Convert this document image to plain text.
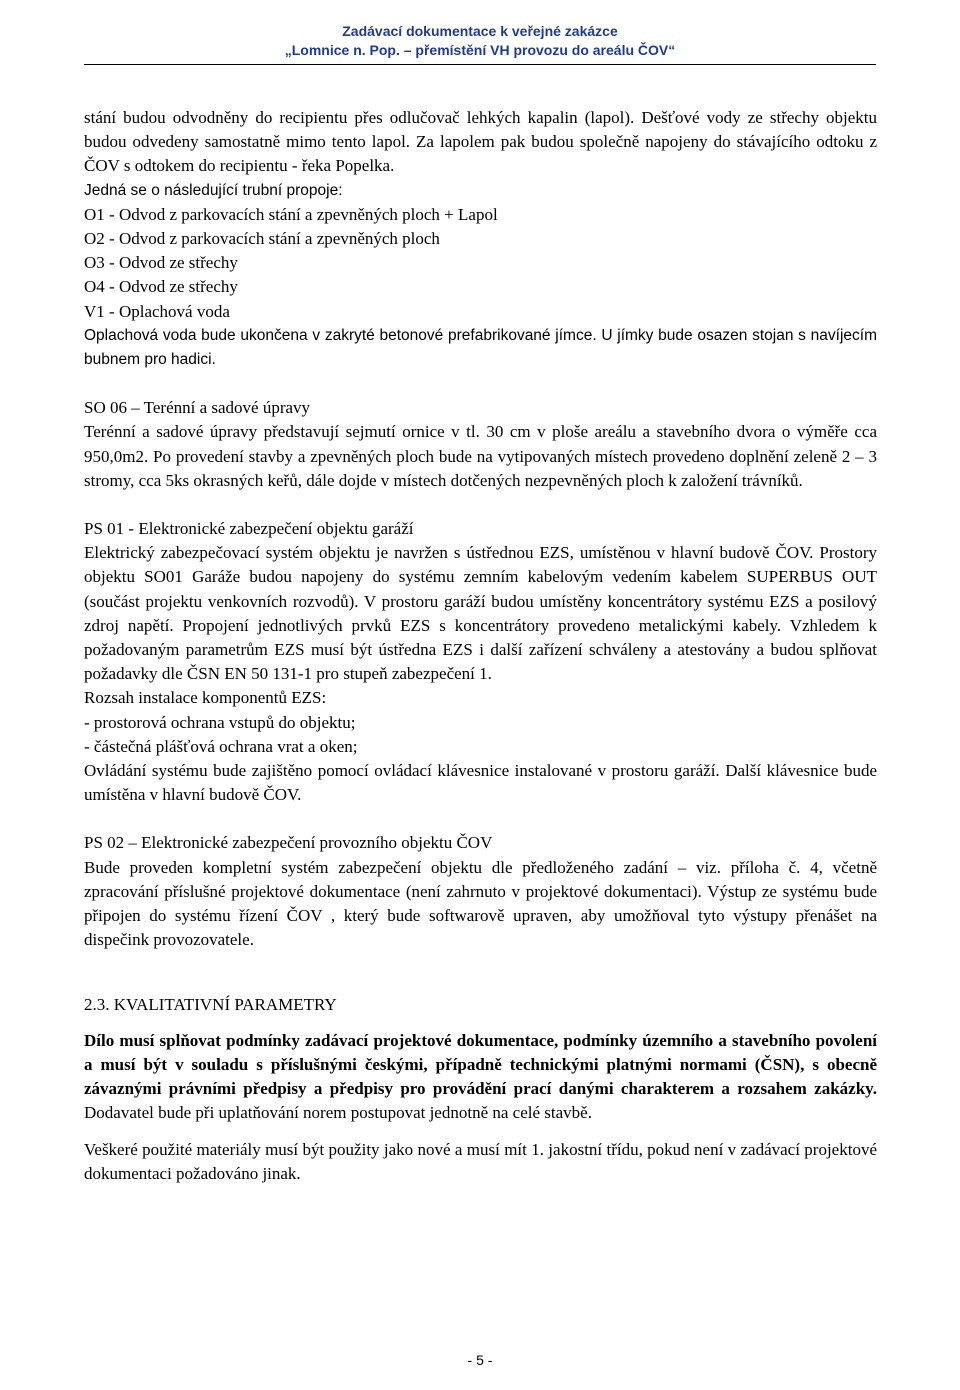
Zadávací dokumentace k veřejné zakázce
„Lomnice n. Pop. – přemístění VH provozu do areálu ČOV“

stání budou odvodněny do recipientu přes odlučovač lehkých kapalin (lapol). Dešťové vody ze střechy objektu budou odvedeny samostatně mimo tento lapol. Za lapolem pak budou společně napojeny do stávajícího odtoku z ČOV s odtokem do recipientu - řeka Popelka.

Jedná se o následující trubní propoje:

O1 - Odvod z parkovacích stání a zpevněných ploch + Lapol

O2 - Odvod z parkovacích stání a zpevněných ploch

O3 - Odvod ze střechy

O4 - Odvod ze střechy

V1 - Oplachová voda

Oplachová voda bude ukončena v zakryté betonové prefabrikované jímce. U jímky bude osazen stojan s navíjecím bubnem pro hadici.

SO 06 – Terénní a sadové úpravy

Terénní a sadové úpravy představují sejmutí ornice v tl. 30 cm v ploše areálu a stavebního dvora o výměře cca 950,0m2. Po provedení stavby a zpevněných ploch bude na vytipovaných místech provedeno doplnění zeleně 2 – 3 stromy, cca 5ks okrasných keřů, dále dojde v místech dotčených nezpevněných ploch k založení trávníků.

PS 01 - Elektronické zabezpečení objektu garáží

Elektrický zabezpečovací systém objektu je navržen s ústřednou EZS, umístěnou v hlavní budově ČOV. Prostory objektu SO01 Garáže budou napojeny do systému zemním kabelovým vedením kabelem SUPERBUS OUT (součást projektu venkovních rozvodů). V prostoru garáží budou umístěny koncentrátory systému EZS a posilový zdroj napětí. Propojení jednotlivých prvků EZS s koncentrátory provedeno metalickými kabely. Vzhledem k požadovaným parametrům EZS musí být ústředna EZS i další zařízení schváleny a atestovány a budou splňovat požadavky dle ČSN EN 50 131-1 pro stupeň zabezpečení 1.

Rozsah instalace komponentů EZS:

- prostorová ochrana vstupů do objektu;

- částečná plášťová ochrana vrat a oken;

Ovládání systému bude zajištěno pomocí ovládací klávesnice instalované v prostoru garáží. Další klávesnice bude umístěna v hlavní budově ČOV.

PS 02 – Elektronické zabezpečení provozního objektu ČOV

Bude proveden kompletní systém zabezpečení objektu dle předloženého zadání – viz. příloha č. 4, včetně zpracování příslušné projektové dokumentace (není zahrnuto v projektové dokumentaci). Výstup ze systému bude připojen do systému řízení ČOV , který bude softwarově upraven, aby umožňoval tyto výstupy přenášet na dispečink provozovatele.

2.3. KVALITATIVNÍ PARAMETRY

Dílo musí splňovat podmínky zadávací projektové dokumentace, podmínky územního a stavebního povolení a musí být v souladu s příslušnými českými, případně technickými platnými normami (ČSN), s obecně závaznými právními předpisy a předpisy pro provádění prací danými charakterem a rozsahem zakázky. Dodavatel bude při uplatňování norem postupovat jednotně na celé stavbě.

Veškeré použité materiály musí být použity jako nové a musí mít 1. jakostní třídu, pokud není v zadávací projektové dokumentaci požadováno jinak.

- 5 -
